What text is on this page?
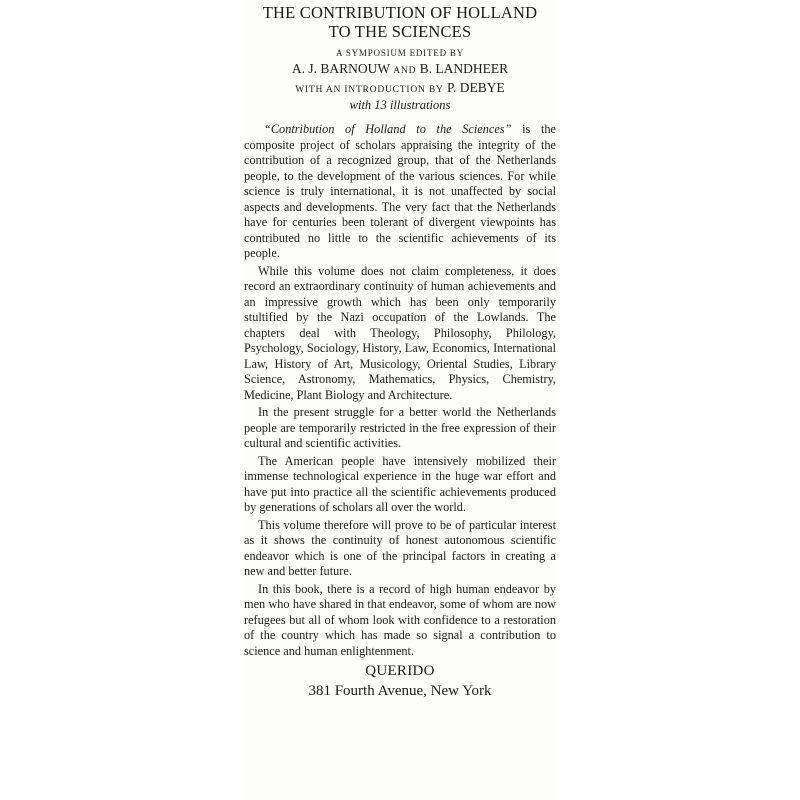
THE CONTRIBUTION OF HOLLAND
TO THE SCIENCES
A SYMPOSIUM EDITED BY
A. J. BARNOUW AND B. LANDHEER
WITH AN INTRODUCTION BY P. DEBYE
with 13 illustrations

“Contribution of Holland to the Sciences” is the composite project of scholars appraising the integrity of the contribution of a recognized group, that of the Netherlands people, to the development of the various sciences. For while science is truly international, it is not unaffected by social aspects and developments. The very fact that the Netherlands have for centuries been tolerant of divergent viewpoints has contributed no little to the scientific achievements of its people.

While this volume does not claim completeness, it does record an extraordinary continuity of human achievements and an impressive growth which has been only temporarily stultified by the Nazi occupation of the Lowlands. The chapters deal with Theology, Philosophy, Philology, Psychology, Sociology, History, Law, Economics, International Law, History of Art, Musicology, Oriental Studies, Library Science, Astronomy, Mathematics, Physics, Chemistry, Medicine, Plant Biology and Architecture.

In the present struggle for a better world the Netherlands people are temporarily restricted in the free expression of their cultural and scientific activities.

The American people have intensively mobilized their immense technological experience in the huge war effort and have put into practice all the scientific achievements produced by generations of scholars all over the world.

This volume therefore will prove to be of particular interest as it shows the continuity of honest autonomous scientific endeavor which is one of the principal factors in creating a new and better future.

In this book, there is a record of high human endeavor by men who have shared in that endeavor, some of whom are now refugees but all of whom look with confidence to a restoration of the country which has made so signal a contribution to science and human enlightenment.

QUERIDO
381 Fourth Avenue, New York
